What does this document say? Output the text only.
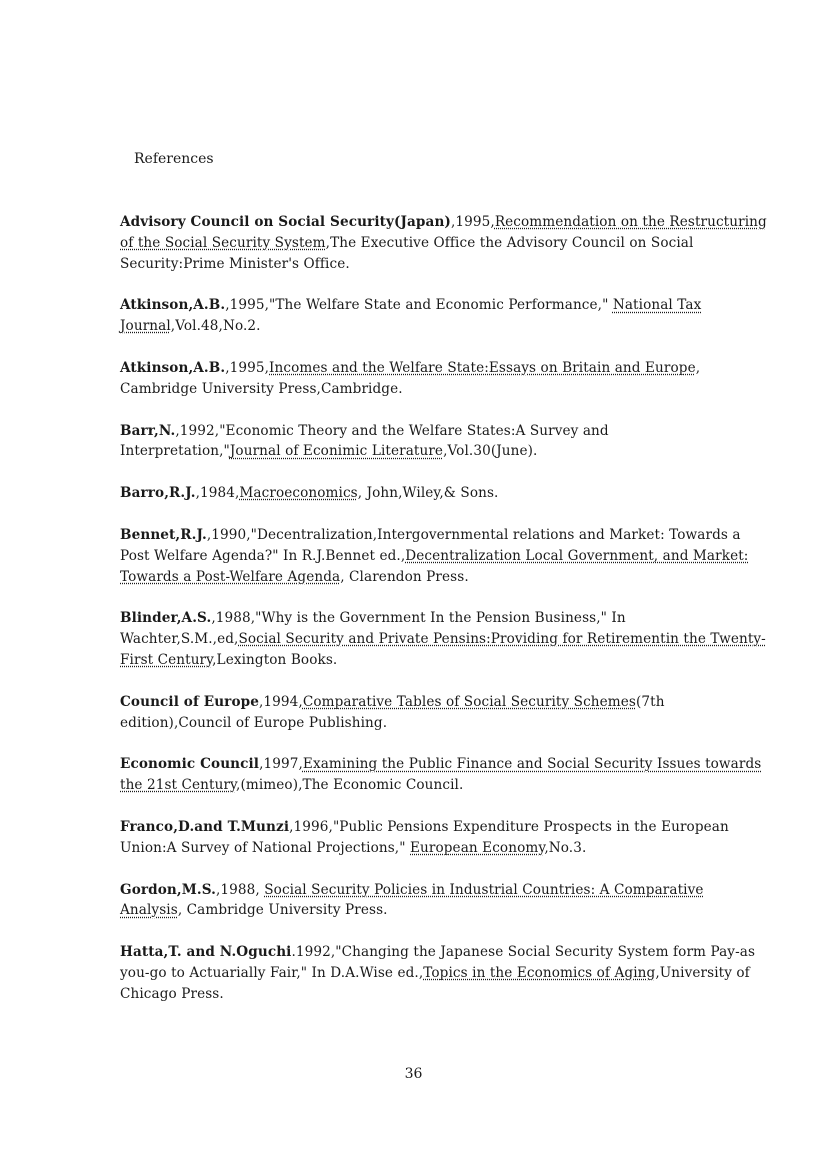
References
Advisory Council on Social Security(Japan),1995,Recommendation on the Restructuring of the Social Security System,The Executive Office the Advisory Council on Social Security:Prime Minister's Office.
Atkinson,A.B.,1995,"The Welfare State and Economic Performance," National Tax Journal,Vol.48,No.2.
Atkinson,A.B.,1995,Incomes and the Welfare State:Essays on Britain and Europe, Cambridge University Press,Cambridge.
Barr,N.,1992,"Economic Theory and the Welfare States:A Survey and Interpretation,"Journal of Econimic Literature,Vol.30(June).
Barro,R.J.,1984,Macroeconomics, John,Wiley,& Sons.
Bennet,R.J.,1990,"Decentralization,Intergovernmental relations and Market: Towards a Post Welfare Agenda?" In R.J.Bennet ed.,Decentralization Local Government, and Market: Towards a Post-Welfare Agenda, Clarendon Press.
Blinder,A.S.,1988,"Why is the Government In the Pension Business," In Wachter,S.M.,ed,Social Security and Private Pensins:Providing for Retirementin the Twenty-First Century,Lexington Books.
Council of Europe,1994,Comparative Tables of Social Security Schemes(7th edition),Council of Europe Publishing.
Economic Council,1997,Examining the Public Finance and Social Security Issues towards the 21st Century,(mimeo),The Economic Council.
Franco,D.and T.Munzi,1996,"Public Pensions Expenditure Prospects in the European Union:A Survey of National Projections," European Economy,No.3.
Gordon,M.S.,1988, Social Security Policies in Industrial Countries: A Comparative Analysis, Cambridge University Press.
Hatta,T. and N.Oguchi.1992,"Changing the Japanese Social Security System form Pay-as you-go to Actuarially Fair," In D.A.Wise ed.,Topics in the Economics of Aging,University of Chicago Press.

36
